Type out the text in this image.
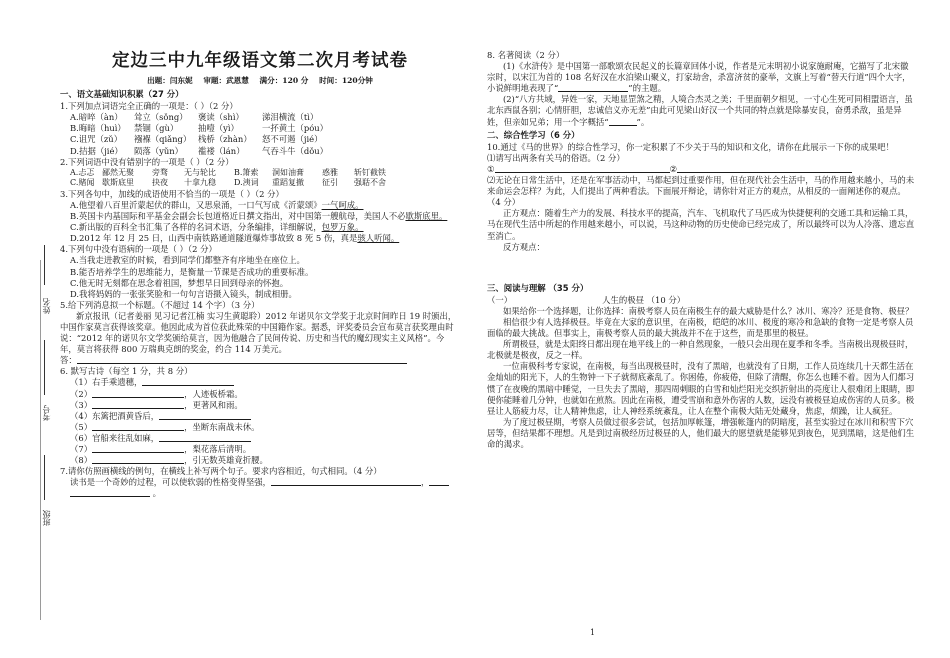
姓名
考号
班级
定边三中九年级语文第二次月考试卷
出题：闫东妮 审题：武恩慧 满分：120 分 时间：120分钟
一、语文基础知识积累（27 分）

1.下列加点词语完全正确的一项是：（ ）（2 分）

A.暗啐（àn） 耸立（sǒng） 褒读（shì） 涕泪横流（tì）

B.晦暗（huì） 禁锢（gù） 抽噎（yì）	一抔黄土（póu）

C.诅咒（zǔ） 襁褓（qiǎng） 栈桥（zhàn） 怒不可遏（jié）

D.拮据（jié） 陨落（yǔn） 褴褛（lán） 气吞斗牛（dǒu）

2.下列词语中没有错别字的一项是（ ）（2 分）

A.忐忑 鄙然无聚 旁骛 无与轮比 B.箫索 洞如油膏 惑雅 斩钉截铁

C.赌闻 歇斯底里 抉夜 十拿九稳 D.洟词 重蹈复撤 征引 强聒不舍

3.下列各句中，加线的成语使用不恰当的一项是（ ）（2 分）

A.他望着八百里沂蒙起伏的群山，又思泉涌，一口气写成《沂蒙颂》一气呵成。

B.英国卡内基国际和平基金会副会长包道格近日撰文指出，对中国第一艘航母，美国人不必歇斯底里。

C.新出版的百科全书汇集了各样的名词术语，分条编排，详细解说，包罗万象。

D.2012 年 12 月 25 日，山西中南铁路通道隧道爆炸事故致 8 死 5 伤，真是骇人听闻。

4.下列句中没有语病的一项是（ ）（2 分）

A.当我走进教室的时候，看到同学们都整齐有序地坐在座位上。

B.能否培养学生的思维能力，是衡量一节课是否成功的重要标准。

C.他无时无刻都在思念着祖国，梦想早日回到母亲的怀抱。

D.我将妈妈的一张张笑脸和一句句言语摄入镜头，制成相册。

5.给下列消息拟一个标题。（不超过 14 个字）（3 分）

新京报讯（记者姜丽 见习记者江楠 实习生黄聪聆）2012 年诺贝尔文学奖于北京时间昨日 19 时颁出，中国作家莫言获得该奖章。他因此成为首位获此殊荣的中国籍作家。据悉，评奖委员会宣布莫言获奖理由时说：“2012 年的诺贝尔文学奖颁给莫言，因为他融合了民间传说、历史和当代的魔幻现实主义风格”。今年，莫言将获得 800 万瑞典克朗的奖金，约合 114 万美元。

答：

6. 默写古诗（每空 1 分，共 8 分）

（1）右手乘遗穗，

（2）	，人迹板桥霜。

（3）	，更著风和雨。

（4）东篱把酒黄昏后，

（5）	，坐断东南战未休。

（6）官船来往乱如麻，

（7）	，梨花落后清明。

（8）	，引无数英雄竟折腰。

7.请你仿照画横线的例句，在横线上补写两个句子。要求内容相近，句式相同。（4 分）

读书是一个奇妙的过程，可以使软弱的性格变得坚强，	，

。

8. 名著阅读（2 分）

(1)《水浒传》是中国第一部歌颂农民起义的长篇章回体小说，作者是元末明初小说家施耐庵，它描写了北宋徽宗时，以宋江为首的 108 名好汉在水泊梁山聚义，打家劫舍，杀富济贫的豪举，文旗上写着“替天行道”四个大字，小说鲜明地表现了“	”的主题。

(2)“八方共域，异姓一家，天地显罡煞之精，人境合杰灵之美；千里面朝夕相见，一寸心生死可同相盟语言，虽北东西鼠各别；心情肝胆，忠诚信义亦无差”由此可见梁山好汉一个共同的特点就是除暴安良，奋勇杀敌，虽是异姓，但亲如兄弟；用一个字概括“	”。

二、综合性学习（6 分）

10.通过《马的世界》的综合性学习，你一定积累了不少关于马的知识和文化，请你在此展示一下你的成果吧！

⑴请写出两条有关马的俗语。（2 分）

①	②

⑵无论在日常生活中，还是在军事活动中，马都起到过重要作用，但在现代社会生活中，马的作用越来越小，马的未来命运会怎样？为此，人们提出了两种看法。下面展开辩论，请你针对正方的观点，从相反的一面阐述你的观点。（4 分）

正方观点：随着生产力的发展、科技水平的提高，汽车、飞机取代了马匹成为快捷便利的交通工具和运输工具，马在现代生活中所起的作用越来越小，可以说，马这种动物的历史使命已经完成了，所以最终可以为人冷落、遗忘直至消亡。

反方观点：

三、阅读与理解 （35 分）

（一）	人生的极昼 （10 分）

如果给你一个选择题，让你选择：南极考察人员在南极生存的最大威胁是什么？冰川、寒冷？还是食物、极昼？

相信很少有人选择极昼。毕竟在大家的意识里，在南极，皑皑的冰川、极度的寒冷和急缺的食物一定是考察人员面临的最大挑战。但事实上，南极考察人员的最大挑战并不在于这些，而是那里的极昼。

所谓极昼，就是太阳终日都出现在地平线上的一种自然现象，一般只会出现在夏季和冬季。当南极出现极昼时，北极就是极夜，反之一样。

一位南极科考专家说，在南极，每当出现极昼时，没有了黑暗，也就没有了日期，工作人员连续几十天都生活在金灿灿的阳光下，人的生物钟一下子就彻底紊乱了。你困倦，你疲倦，但除了清醒，你怎么也睡不着。因为人们都习惯了在夜晚的黑暗中睡觉，一旦失去了黑暗，那四周刺眼的白雪和灿烂阳光交织折射出的亮度让人很难闭上眼睛，即便你能睡着几分钟，也就如在煎熬。因此在南极，遭受雪崩和意外伤害的人数，远没有被极昼迫成伤害的人员多。极昼让人筋疲力尽，让人精神焦虑，让人神经系统紊乱，让人在整个南极大陆无处藏身，焦虑，烦躁，让人疯狂。

为了度过极昼期，考察人员做过很多尝试，包括加厚帐篷，增强帐篷内的阴暗度，甚至实验过在冰川和积雪下穴居等，但结果都不理想。凡是到过南极经历过极昼的人，他们最大的愿望就是能够见到夜色，见到黑暗，这是他们生命的渴求。

1
